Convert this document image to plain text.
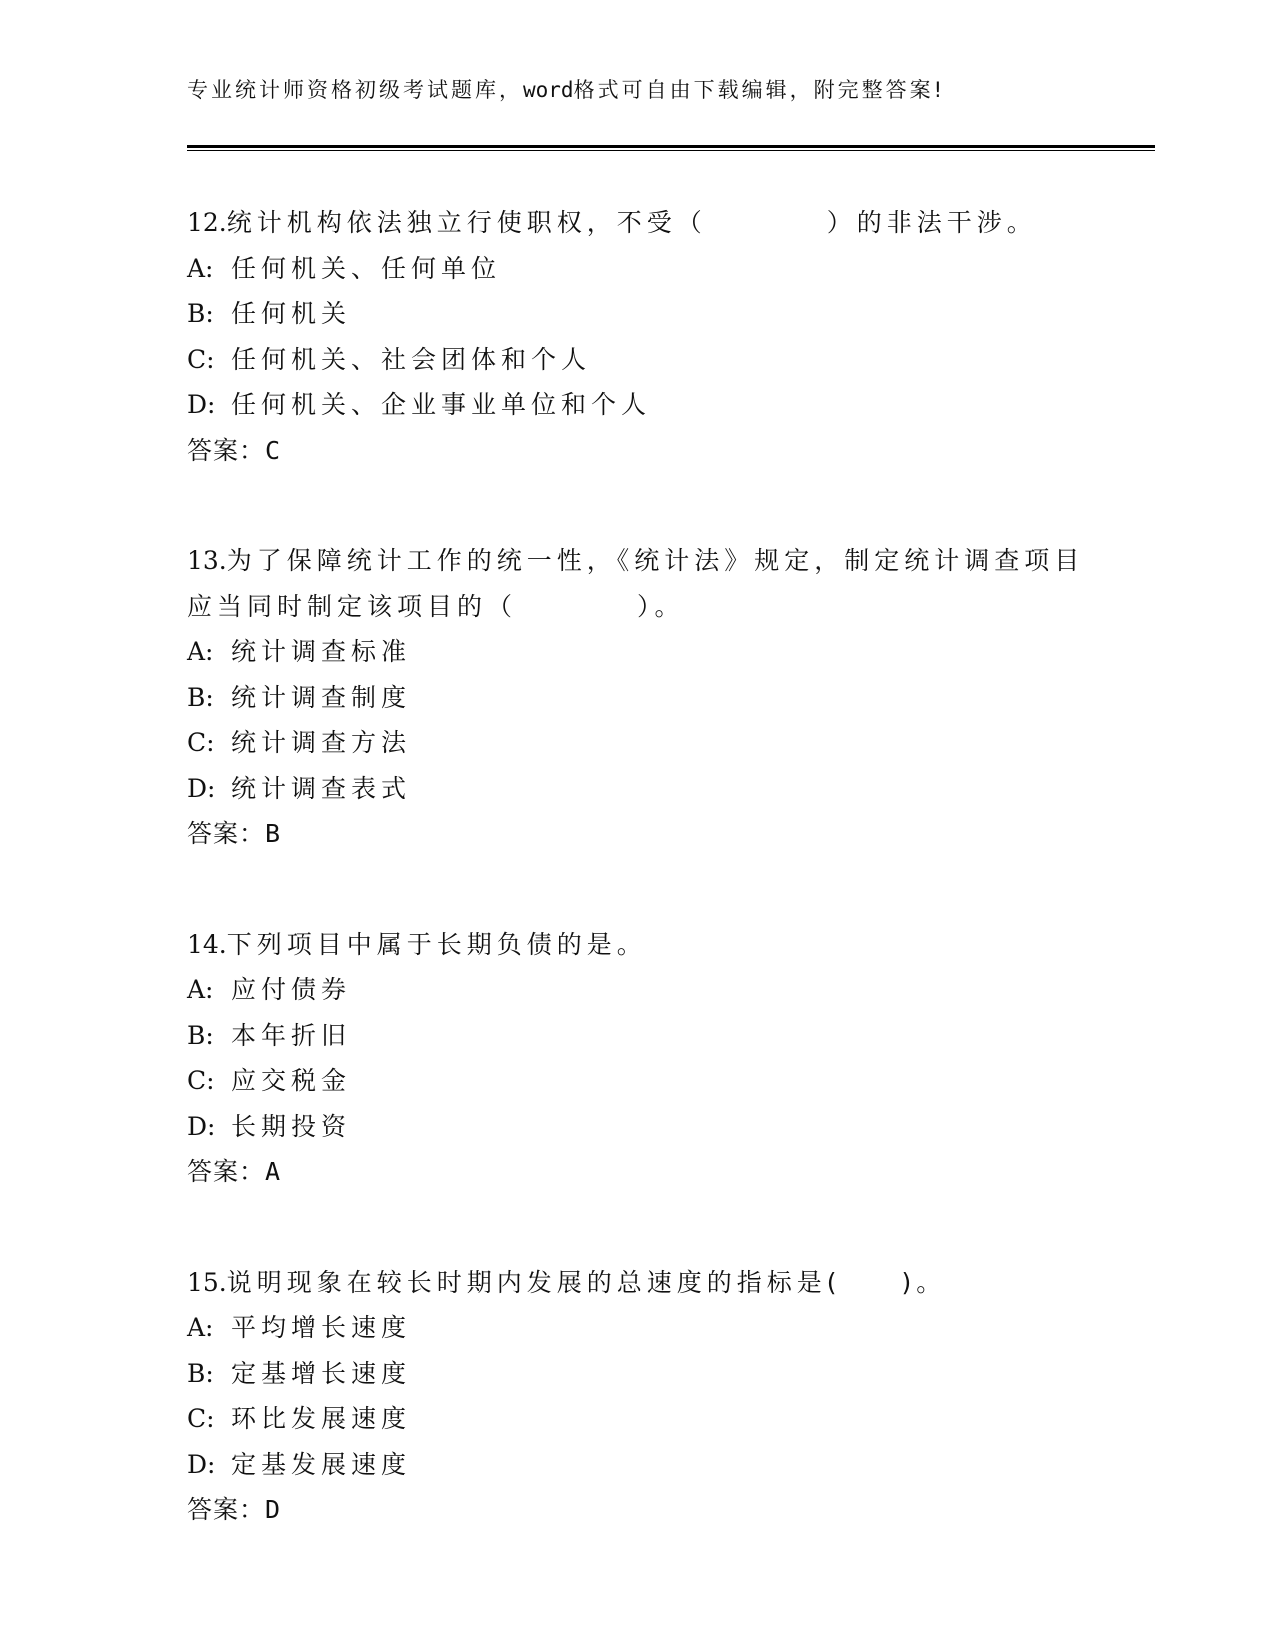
专业统计师资格初级考试题库，word格式可自由下载编辑，附完整答案!
12.统计机构依法独立行使职权，不受（　　　　）的非法干涉。
A: 任何机关、任何单位
B: 任何机关
C: 任何机关、社会团体和个人
D: 任何机关、企业事业单位和个人
答案：C
13.为了保障统计工作的统一性，《统计法》规定，制定统计调查项目
应当同时制定该项目的（　　　　）。
A: 统计调查标准
B: 统计调查制度
C: 统计调查方法
D: 统计调查表式
答案：B
14.下列项目中属于长期负债的是。
A: 应付债券
B: 本年折旧
C: 应交税金
D: 长期投资
答案：A
15.说明现象在较长时期内发展的总速度的指标是(　　)。
A: 平均增长速度
B: 定基增长速度
C: 环比发展速度
D: 定基发展速度
答案：D
